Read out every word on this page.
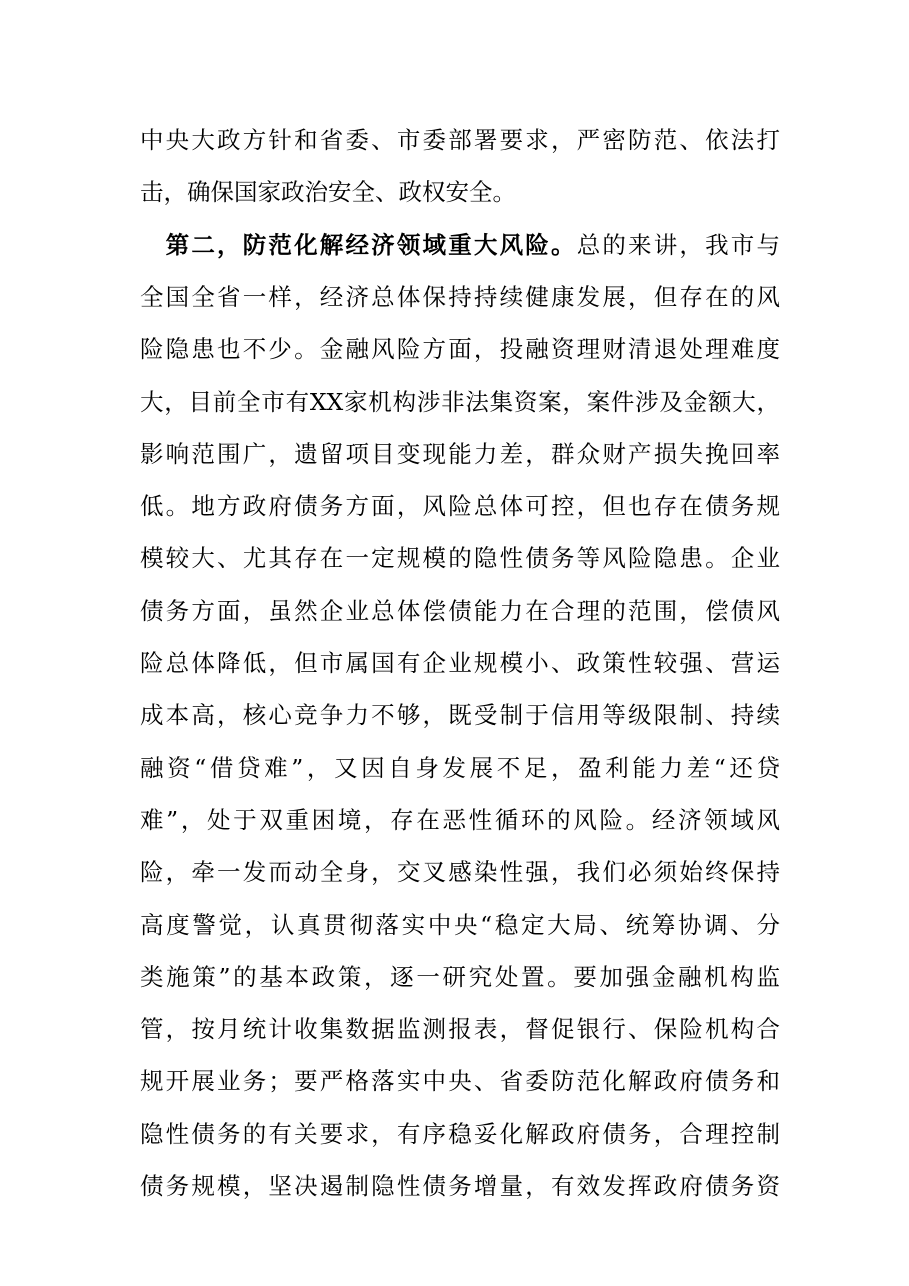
中央大政方针和省委、市委部署要求，严密防范、依法打
击，确保国家政治安全、政权安全。
　第二，防范化解经济领域重大风险。总的来讲，我市与
全国全省一样，经济总体保持持续健康发展，但存在的风
险隐患也不少。金融风险方面，投融资理财清退处理难度
大，目前全市有XX家机构涉非法集资案，案件涉及金额大，
影响范围广，遗留项目变现能力差，群众财产损失挽回率
低。地方政府债务方面，风险总体可控，但也存在债务规
模较大、尤其存在一定规模的隐性债务等风险隐患。企业
债务方面，虽然企业总体偿债能力在合理的范围，偿债风
险总体降低，但市属国有企业规模小、政策性较强、营运
成本高，核心竞争力不够，既受制于信用等级限制、持续
融资“借贷难”，又因自身发展不足，盈利能力差“还贷
难”，处于双重困境，存在恶性循环的风险。经济领域风
险，牵一发而动全身，交叉感染性强，我们必须始终保持
高度警觉，认真贯彻落实中央“稳定大局、统筹协调、分
类施策”的基本政策，逐一研究处置。要加强金融机构监
管，按月统计收集数据监测报表，督促银行、保险机构合
规开展业务；要严格落实中央、省委防范化解政府债务和
隐性债务的有关要求，有序稳妥化解政府债务，合理控制
债务规模，坚决遏制隐性债务增量，有效发挥政府债务资
